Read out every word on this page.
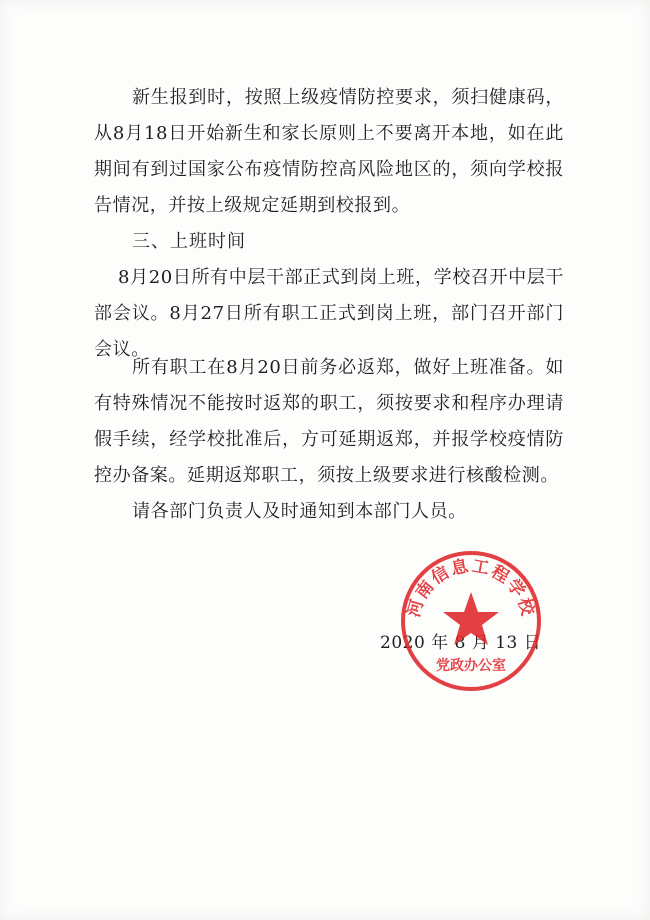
新生报到时，按照上级疫情防控要求，须扫健康码，从8月18日开始新生和家长原则上不要离开本地，如在此期间有到过国家公布疫情防控高风险地区的，须向学校报告情况，并按上级规定延期到校报到。

三、上班时间

8月20日所有中层干部正式到岗上班，学校召开中层干部会议。8月27日所有职工正式到岗上班，部门召开部门会议。

所有职工在8月20日前务必返郑，做好上班准备。如有特殊情况不能按时返郑的职工，须按要求和程序办理请假手续，经学校批准后，方可延期返郑，并报学校疫情防控办备案。延期返郑职工，须按上级要求进行核酸检测。

请各部门负责人及时通知到本部门人员。

2020 年 8 月 13 日
河南信息工程学校
党政办公室
